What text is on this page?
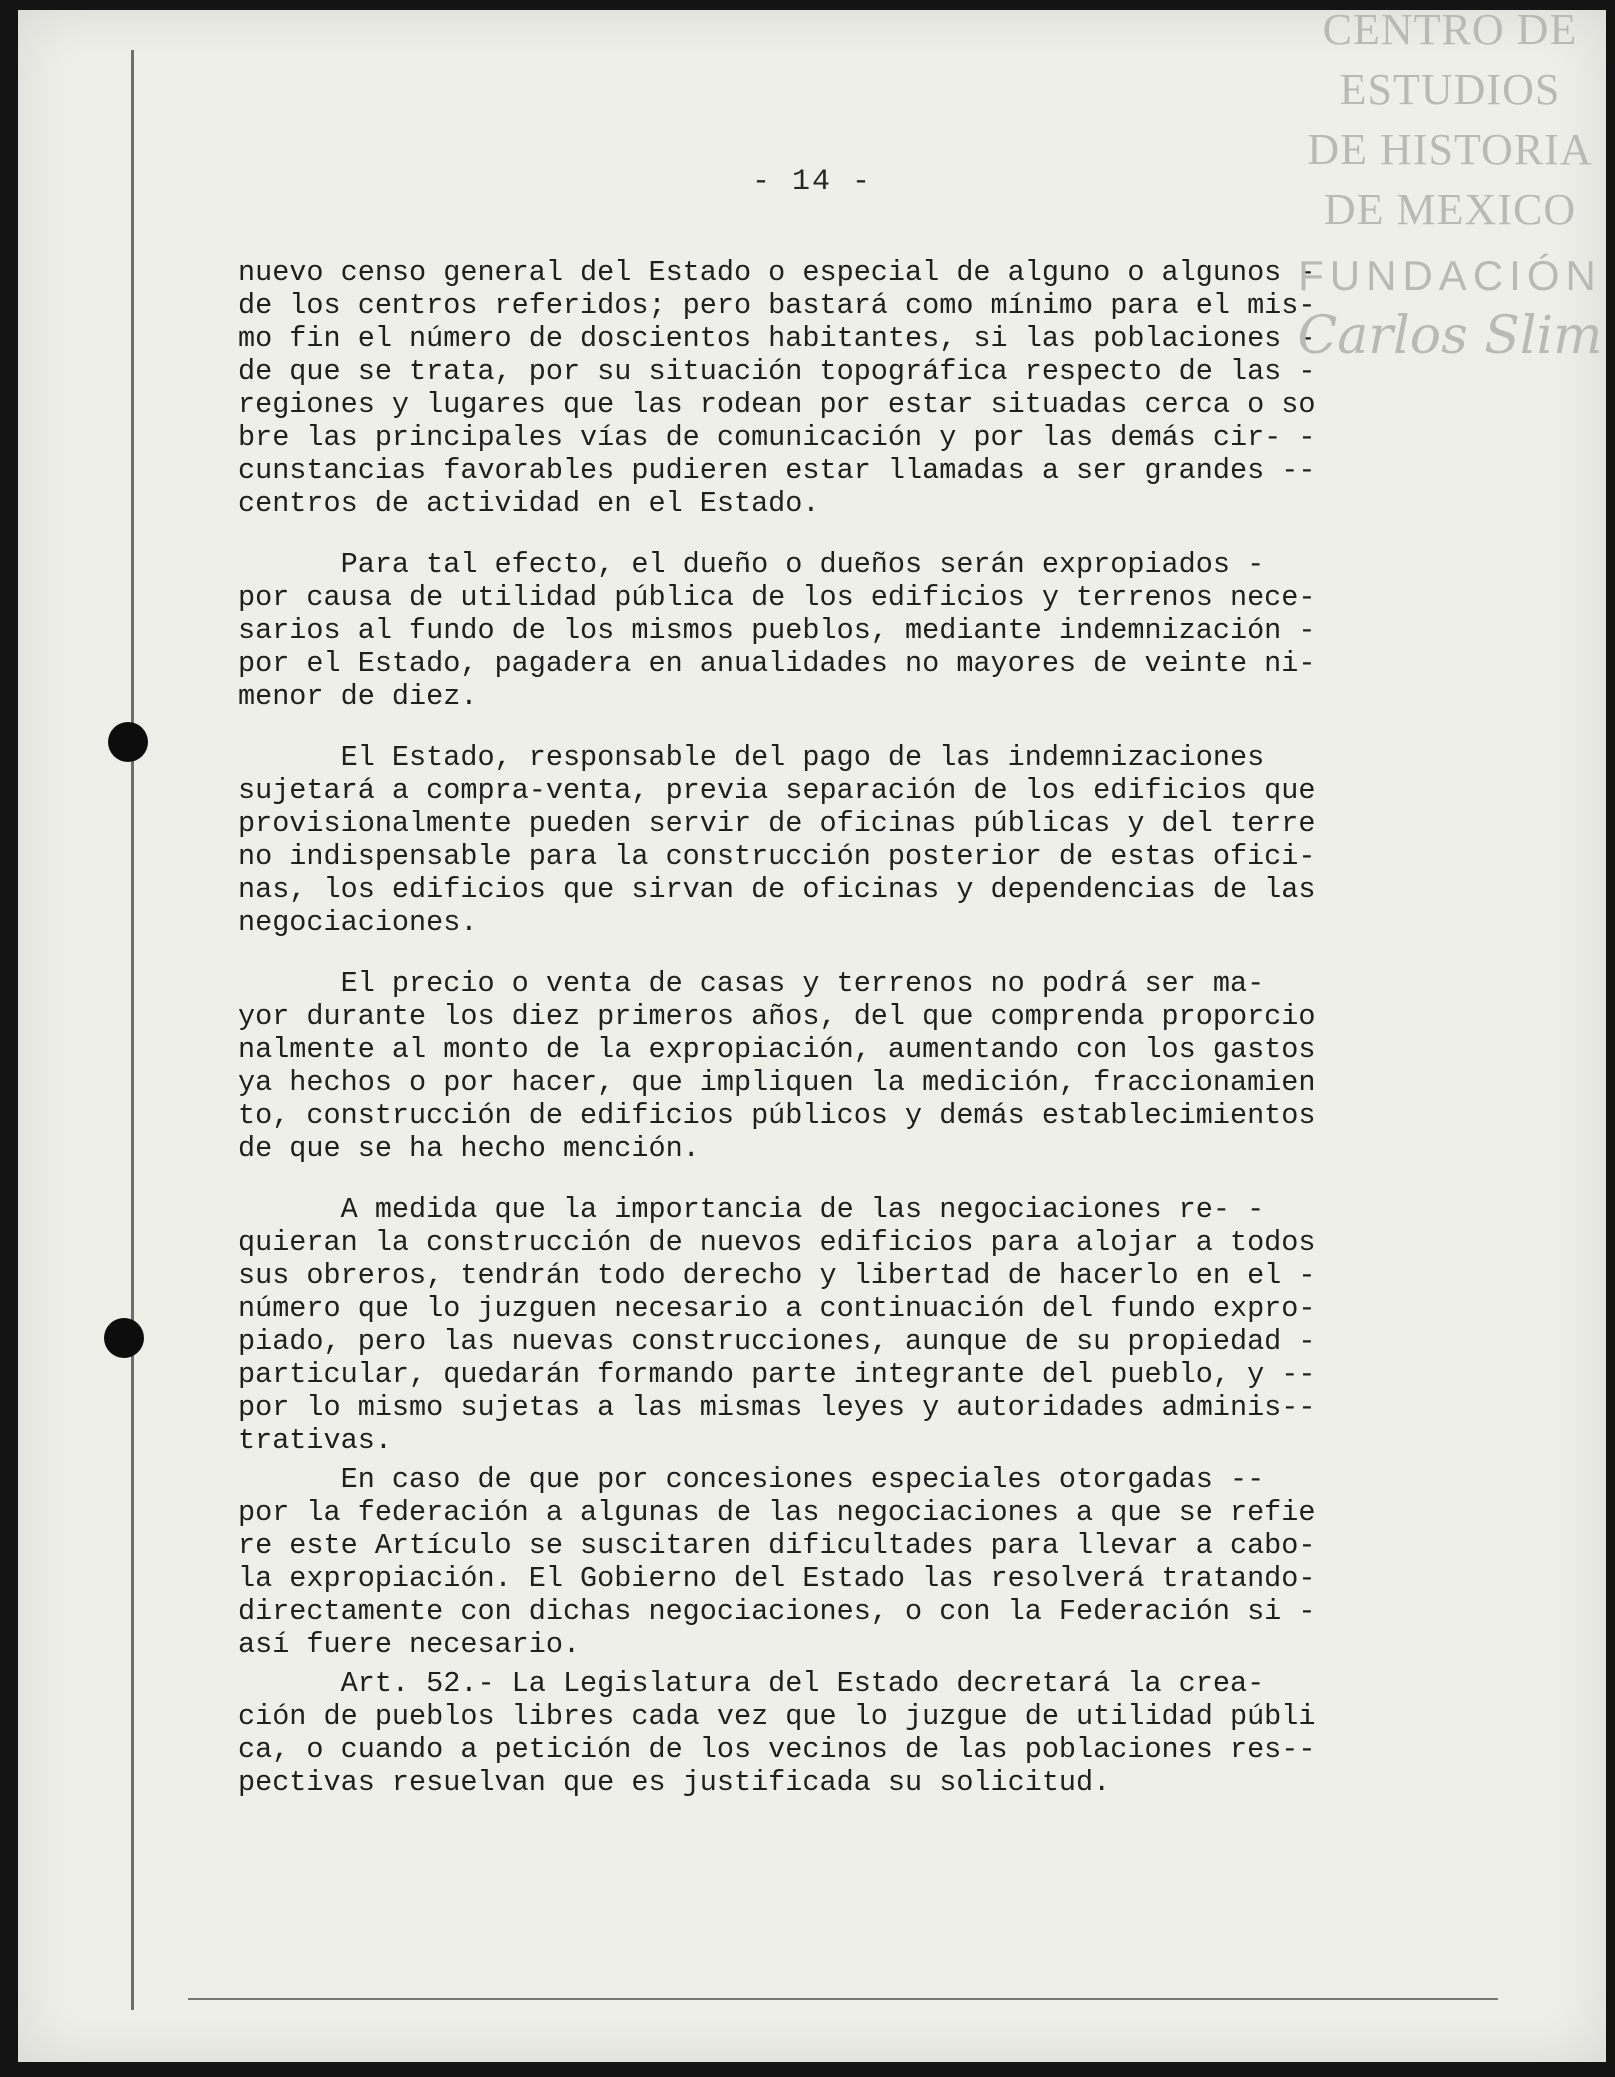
- 14 -
nuevo censo general del Estado o especial de alguno o algunos -
de los centros referidos; pero bastará como mínimo para el mis-
mo fin el número de doscientos habitantes, si las poblaciones -
de que se trata, por su situación topográfica respecto de las -
regiones y lugares que las rodean por estar situadas cerca o so
bre las principales vías de comunicación y por las demás cir- -
cunstancias favorables pudieren estar llamadas a ser grandes --
centros de actividad en el Estado.
Para tal efecto, el dueño o dueños serán expropiados -
por causa de utilidad pública de los edificios y terrenos nece-
sarios al fundo de los mismos pueblos, mediante indemnización -
por el Estado, pagadera en anualidades no mayores de veinte ni-
menor de diez.
El Estado, responsable del pago de las indemnizaciones
sujetará a compra-venta, previa separación de los edificios que
provisionalmente pueden servir de oficinas públicas y del terre
no indispensable para la construcción posterior de estas ofici-
nas, los edificios que sirvan de oficinas y dependencias de las
negociaciones.
El precio o venta de casas y terrenos no podrá ser ma-
yor durante los diez primeros años, del que comprenda proporcio
nalmente al monto de la expropiación, aumentando con los gastos
ya hechos o por hacer, que impliquen la medición, fraccionamien
to, construcción de edificios públicos y demás establecimientos
de que se ha hecho mención.
A medida que la importancia de las negociaciones re- -
quieran la construcción de nuevos edificios para alojar a todos
sus obreros, tendrán todo derecho y libertad de hacerlo en el -
número que lo juzguen necesario a continuación del fundo expro-
piado, pero las nuevas construcciones, aunque de su propiedad -
particular, quedarán formando parte integrante del pueblo, y --
por lo mismo sujetas a las mismas leyes y autoridades adminis--
trativas.
En caso de que por concesiones especiales otorgadas --
por la federación a algunas de las negociaciones a que se refie
re este Artículo se suscitaren dificultades para llevar a cabo-
la expropiación. El Gobierno del Estado las resolverá tratando-
directamente con dichas negociaciones, o con la Federación si -
así fuere necesario.
Art. 52.- La Legislatura del Estado decretará la crea-
ción de pueblos libres cada vez que lo juzgue de utilidad públi
ca, o cuando a petición de los vecinos de las poblaciones res--
pectivas resuelvan que es justificada su solicitud.
CENTRO DE
ESTUDIOS
DE HISTORIA
DE MEXICO
FUNDACIÓN
Carlos Slim
